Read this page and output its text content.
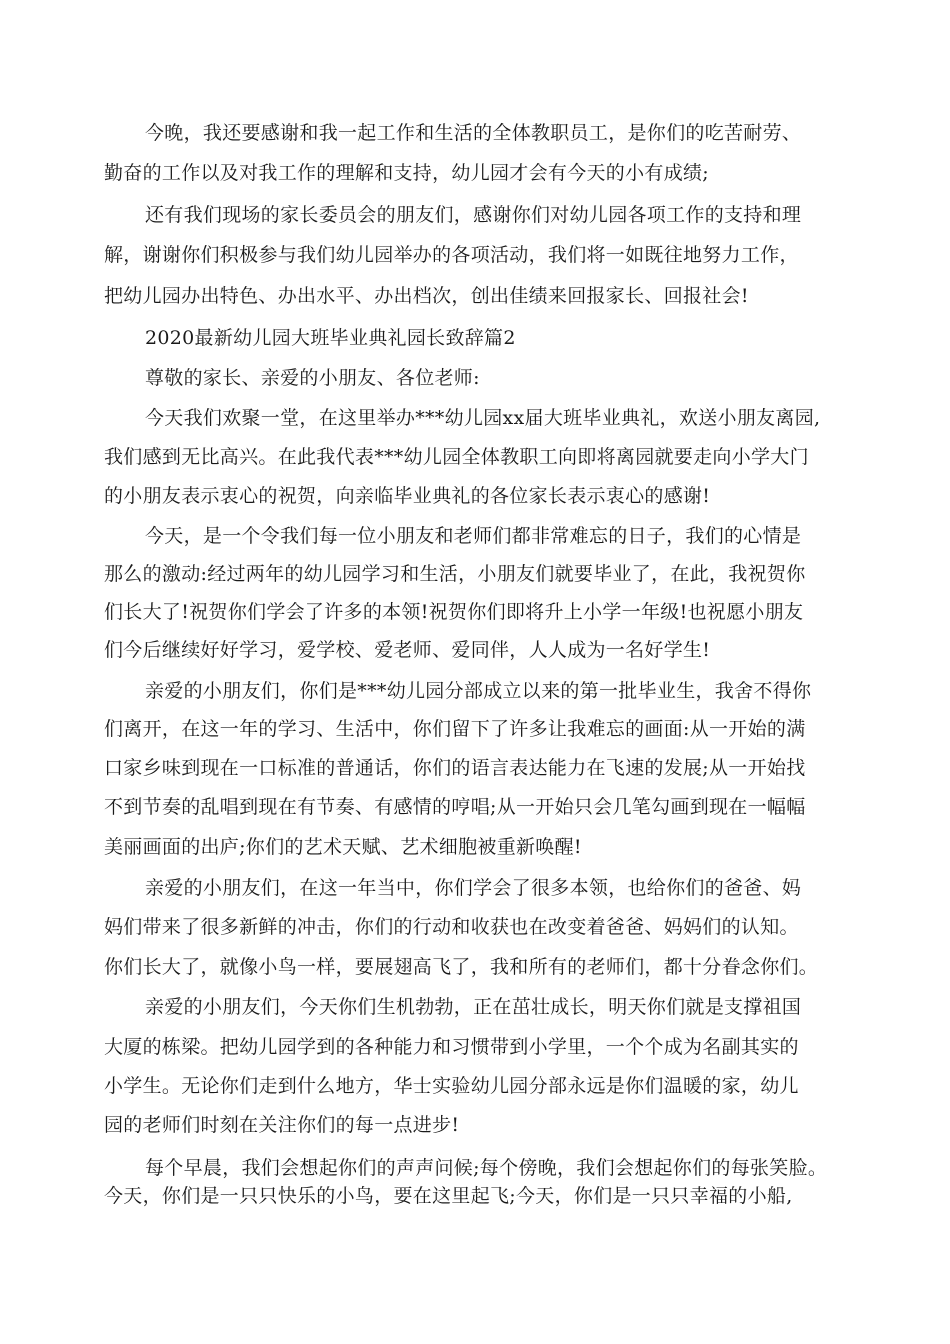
今晚，我还要感谢和我一起工作和生活的全体教职员工，是你们的吃苦耐劳、
勤奋的工作以及对我工作的理解和支持，幼儿园才会有今天的小有成绩;
还有我们现场的家长委员会的朋友们，感谢你们对幼儿园各项工作的支持和理
解，谢谢你们积极参与我们幼儿园举办的各项活动，我们将一如既往地努力工作，
把幼儿园办出特色、办出水平、办出档次，创出佳绩来回报家长、回报社会!
2020最新幼儿园大班毕业典礼园长致辞篇2
尊敬的家长、亲爱的小朋友、各位老师:
今天我们欢聚一堂，在这里举办***幼儿园xx届大班毕业典礼，欢送小朋友离园,
我们感到无比高兴。在此我代表***幼儿园全体教职工向即将离园就要走向小学大门
的小朋友表示衷心的祝贺，向亲临毕业典礼的各位家长表示衷心的感谢!
今天，是一个令我们每一位小朋友和老师们都非常难忘的日子，我们的心情是
那么的激动:经过两年的幼儿园学习和生活，小朋友们就要毕业了，在此，我祝贺你
们长大了!祝贺你们学会了许多的本领!祝贺你们即将升上小学一年级!也祝愿小朋友
们今后继续好好学习，爱学校、爱老师、爱同伴，人人成为一名好学生!
亲爱的小朋友们，你们是***幼儿园分部成立以来的第一批毕业生，我舍不得你
们离开，在这一年的学习、生活中，你们留下了许多让我难忘的画面:从一开始的满
口家乡味到现在一口标准的普通话，你们的语言表达能力在飞速的发展;从一开始找
不到节奏的乱唱到现在有节奏、有感情的哼唱;从一开始只会几笔勾画到现在一幅幅
美丽画面的出庐;你们的艺术天赋、艺术细胞被重新唤醒!
亲爱的小朋友们，在这一年当中，你们学会了很多本领，也给你们的爸爸、妈
妈们带来了很多新鲜的冲击，你们的行动和收获也在改变着爸爸、妈妈们的认知。
你们长大了，就像小鸟一样，要展翅高飞了，我和所有的老师们，都十分眷念你们。
亲爱的小朋友们，今天你们生机勃勃，正在茁壮成长，明天你们就是支撑祖国
大厦的栋梁。把幼儿园学到的各种能力和习惯带到小学里，一个个成为名副其实的
小学生。无论你们走到什么地方，华士实验幼儿园分部永远是你们温暖的家，幼儿
园的老师们时刻在关注你们的每一点进步!
每个早晨，我们会想起你们的声声问候;每个傍晚，我们会想起你们的每张笑脸。
今天，你们是一只只快乐的小鸟，要在这里起飞;今天，你们是一只只幸福的小船,
